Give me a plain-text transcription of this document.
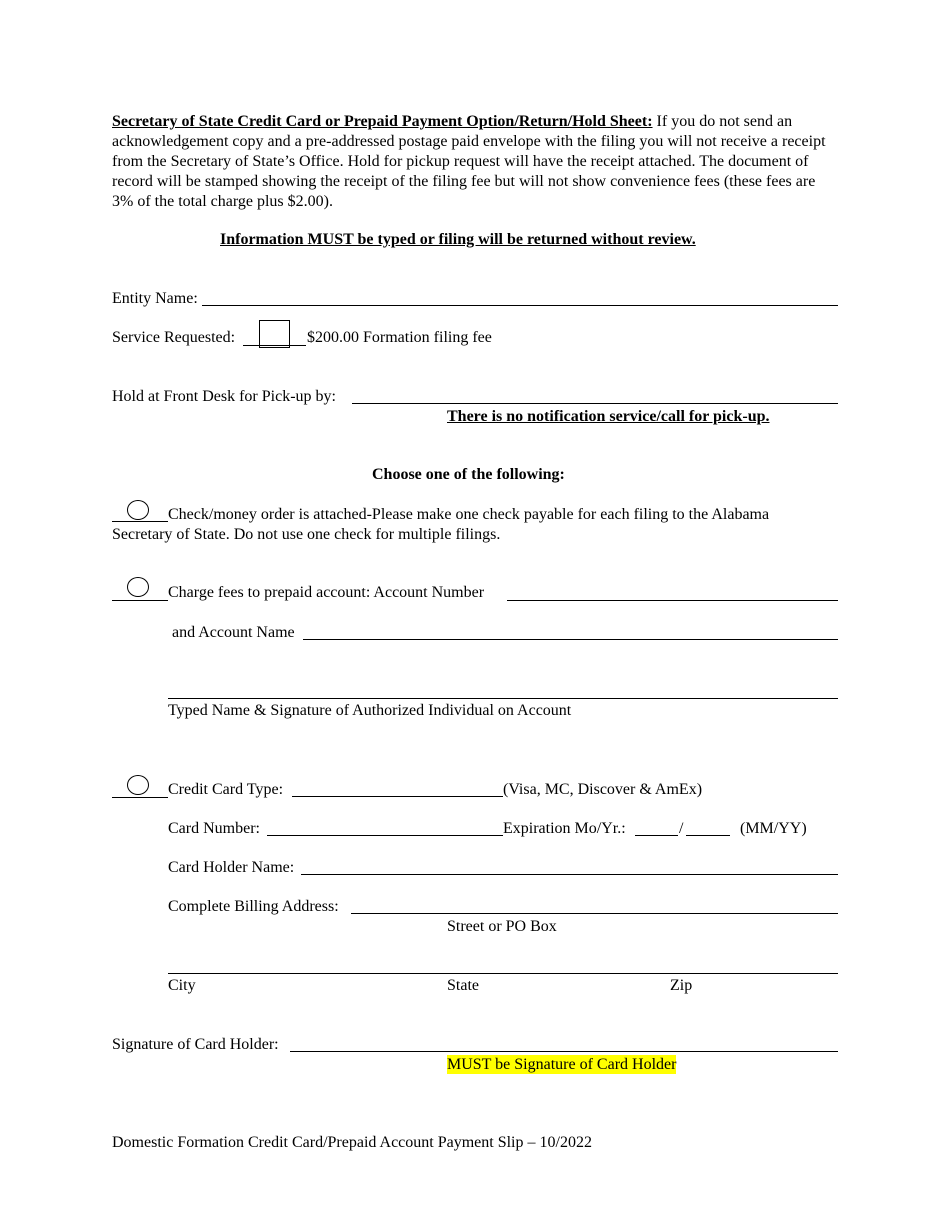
Secretary of State Credit Card or Prepaid Payment Option/Return/Hold Sheet: If you do not send an acknowledgement copy and a pre-addressed postage paid envelope with the filing you will not receive a receipt from the Secretary of State’s Office. Hold for pickup request will have the receipt attached. The document of record will be stamped showing the receipt of the filing fee but will not show convenience fees (these fees are 3% of the total charge plus $2.00).
Information MUST be typed or filing will be returned without review.
Entity Name:
Service Requested:	$200.00 Formation filing fee
Hold at Front Desk for Pick-up by:
There is no notification service/call for pick-up.
Choose one of the following:
Check/money order is attached-Please make one check payable for each filing to the Alabama
Secretary of State. Do not use one check for multiple filings.
Charge fees to prepaid account: Account Number
and Account Name
Typed Name & Signature of Authorized Individual on Account
Credit Card Type:	(Visa, MC, Discover & AmEx)
Card Number:	Expiration Mo/Yr.:	/	(MM/YY)
Card Holder Name:
Complete Billing Address:
Street or PO Box
City	State	Zip
Signature of Card Holder:
MUST be Signature of Card Holder
Domestic Formation Credit Card/Prepaid Account Payment Slip – 10/2022
